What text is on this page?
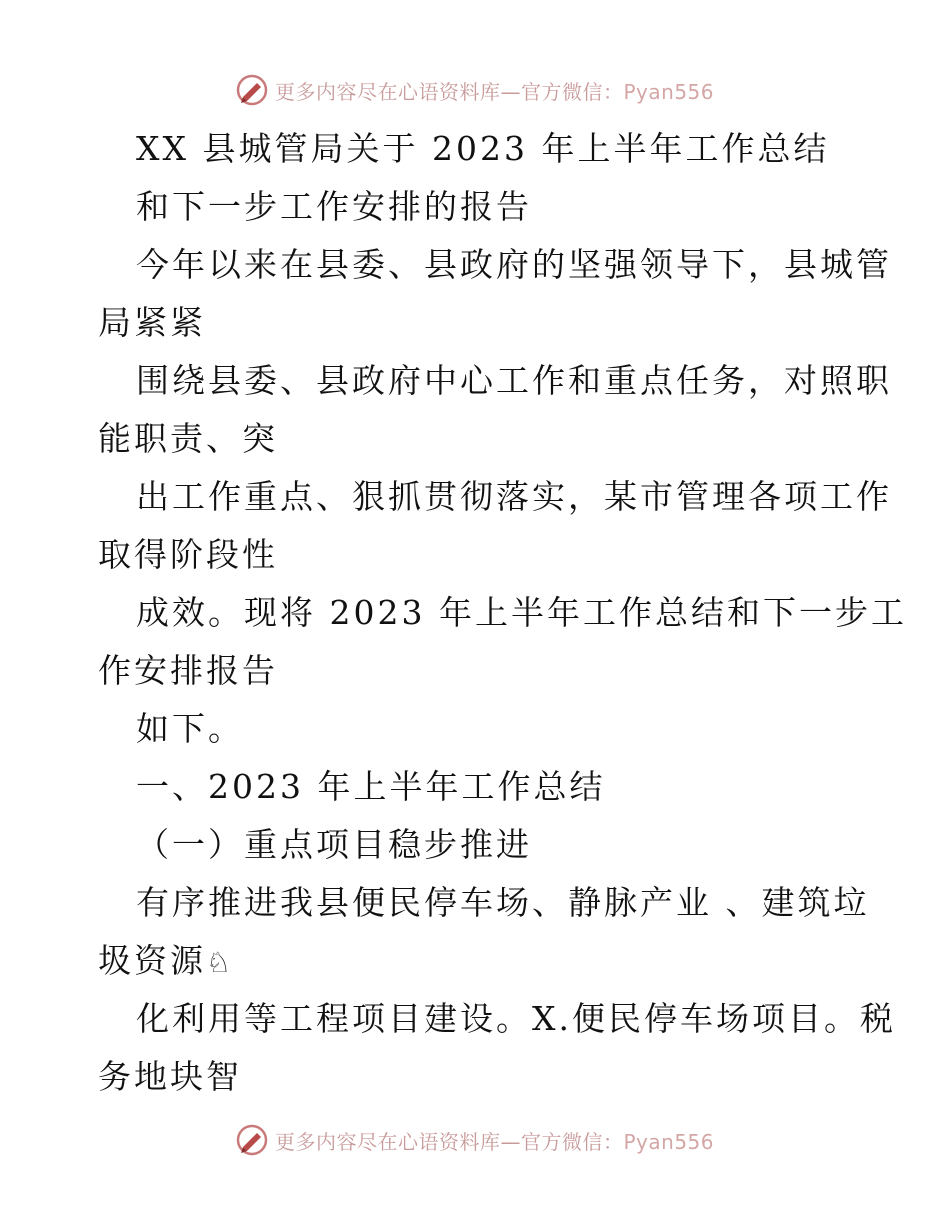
更多内容尽在心语资料库—官方微信：Pyan556
XX 县城管局关于 2023 年上半年工作总结
和下一步工作安排的报告
今年以来在县委、县政府的坚强领导下，县城管
局紧紧
围绕县委、县政府中心工作和重点任务，对照职
能职责、突
出工作重点、狠抓贯彻落实，某市管理各项工作
取得阶段性
成效。现将 2023 年上半年工作总结和下一步工
作安排报告
如下。
一、2023 年上半年工作总结
（一）重点项目稳步推进
有序推进我县便民停车场、静脉产业 、建筑垃
圾资源♘
化利用等工程项目建设。X.便民停车场项目。税
务地块智
更多内容尽在心语资料库—官方微信：Pyan556
